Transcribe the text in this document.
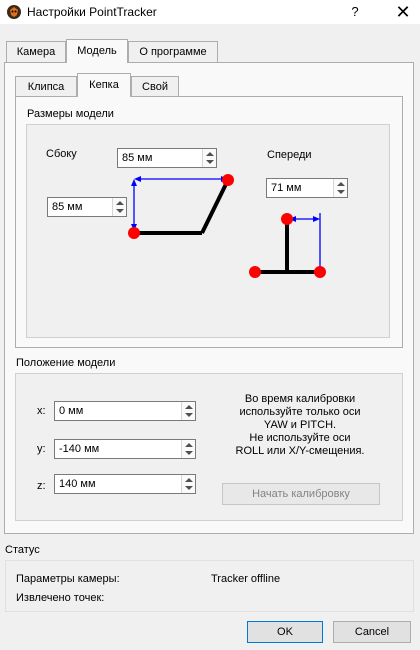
Настройки PointTracker	?	✕
Камера	Модель	О программе
Клипса	Кепка	Свой
Размеры модели
Сбоку	85 мм
85 мм
Спереди
71 мм
Положение модели
x: 0 мм
y: -140 мм
z: 140 мм
Во время калибровки
используйте только оси
YAW и PITCH.
Не используйте оси
ROLL или X/Y-смещения.
Начать калибровку
Статус
Параметры камеры:	Tracker offline
Извлечено точек:
OK	Cancel
